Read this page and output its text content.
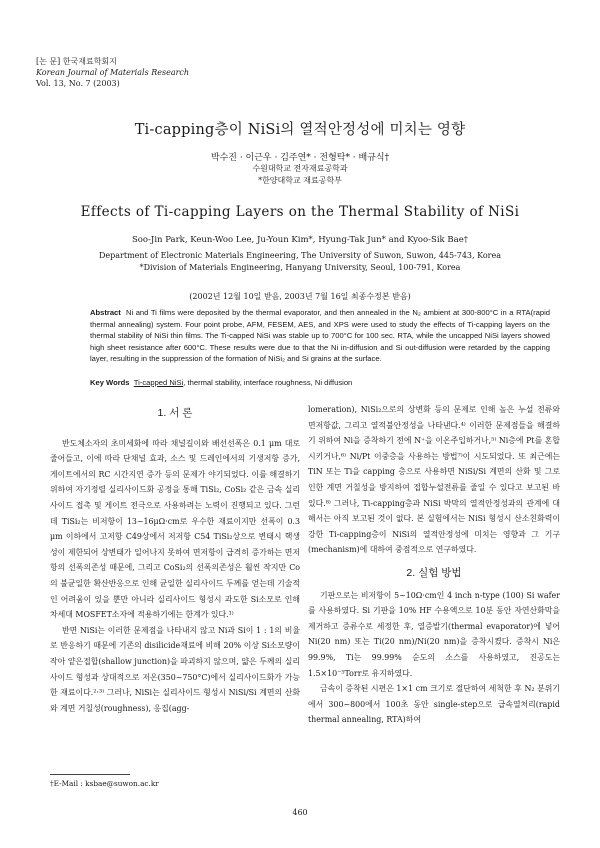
[논 문] 한국재료학회지
Korean Journal of Materials Research
Vol. 13, No. 7 (2003)
Ti-capping층이 NiSi의 열적안정성에 미치는 영향
박수진 · 이근우 · 김주연* · 전형탁* · 배규식†
수원대학교 전자재료공학과
*한양대학교 재료공학부
Effects of Ti-capping Layers on the Thermal Stability of NiSi
Soo-Jin Park, Keun-Woo Lee, Ju-Youn Kim*, Hyung-Tak Jun* and Kyoo-Sik Bae†
Department of Electronic Materials Engineering, The University of Suwon, Suwon, 445-743, Korea
*Division of Materials Engineering, Hanyang University, Seoul, 100-791, Korea
(2002년 12월 10일 받음, 2003년 7월 16일 최종수정본 받음)
Abstract Ni and Ti films were deposited by the thermal evaporator, and then annealed in the N₂ ambient at 300-800°C in a RTA(rapid thermal annealing) system. Four point probe, AFM, FESEM, AES, and XPS were used to study the effects of Ti-capping layers on the thermal stability of NiSi thin films. The Ti-capped NiSi was stable up to 700°C for 100 sec. RTA, while the uncapped NiSi layers showed high sheet resistance after 600°C. These results were due to that the Ni in-diffusion and Si out-diffusion were retarded by the capping layer, resulting in the suppression of the formation of NiSi₂ and Si grains at the surface.
Key Words Ti-capped NiSi, thermal stability, interface roughness, Ni diffusion
1. 서 론

반도체소자의 초미세화에 따라 채널길이와 배선선폭은 0.1 μm 대로 줄어들고, 이에 따라 단채널 효과, 소스 및 드레인에서의 기생저항 증가, 게이트에서의 RC 시간지연 증가 등의 문제가 야기되었다. 이를 해결하기 위하여 자기정렬 실리사이드화 공정을 통해 TiSi₂, CoSi₂ 같은 금속 실리사이드 접촉 및 게이트 전극으로 사용하려는 노력이 진행되고 있다. 그런데 TiSi₂는 비저항이 13~16μΩ·cm로 우수한 재료이지만 선폭이 0.3 μm 이하에서 고저항 C49상에서 저저항 C54 TiSi₂상으로 변태시 핵생성이 제한되어 상변태가 일어나지 못하여 면저항이 급격히 증가하는 면저항의 선폭의존성 때문에, 그리고 CoSi₂의 선폭의존성은 훨씬 작지만 Co의 불균일한 확산반응으로 인해 균일한 실리사이드 두께를 얻는데 기술적인 어려움이 있을 뿐만 아니라 실리사이드 형성시 과도한 Si소모로 인해 차세대 MOSFET소자에 적용하기에는 한계가 있다.¹⁾

반면 NiSi는 이러한 문제점을 나타내지 않고 Ni과 Si이 1 : 1의 비율로 반응하기 때문에 기존의 disilicide재료에 비해 20% 이상 Si소모량이 작아 얕은접합(shallow junction)을 파괴하지 않으며, 얇은 두께의 실리사이드 형성과 상대적으로 저온(350~750°C)에서 실리사이드화가 가능한 재료이다.²·³⁾ 그러나, NiSi는 실리사이드 형성시 NiSi/Si 계면의 산화와 계면 거칠성(roughness), 응집(agg-

lomeration), NiSi₂으로의 상변화 등의 문제로 인해 높은 누설 전류와 면저항값, 그리고 열적불안정성을 나타낸다.⁴⁾ 이러한 문제점들을 해결하기 위하여 Ni을 증착하기 전에 N⁺을 이온주입하거나,⁵⁾ Ni층에 Pt를 혼합시키거나,⁶⁾ Ni/Pt 이중층을 사용하는 방법⁷⁾이 시도되었다. 또 최근에는 TiN 또는 Ti을 capping 층으로 사용하면 NiSi/Si 계면의 산화 및 그로 인한 계면 거칠성을 방지하여 접합누설전류를 줄일 수 있다고 보고된 바 있다.⁸⁾ 그러나, Ti-capping층과 NiSi 박막의 열적안정성과의 관계에 대해서는 아직 보고된 것이 없다. 본 실험에서는 NiSi 형성시 산소친화력이 강한 Ti-capping층이 NiSi의 열적안정성에 미치는 영향과 그 기구(mechanism)에 대하여 중점적으로 연구하였다.

2. 실험 방법

기판으로는 비저항이 5~10Ω·cm인 4 inch n-type (100) Si wafer를 사용하였다. Si 기판을 10% HF 수용액으로 10분 동안 자연산화막을 제거하고 증류수로 세정한 후, 열증발기(thermal evaporator)에 넣어 Ni(20 nm) 또는 Ti(20 nm)/Ni(20 nm)을 증착시켰다. 증착시 Ni은 99.9%, Ti는 99.99% 순도의 소스를 사용하였고, 진공도는 1.5×10⁻⁵Torr로 유지하였다.

금속이 증착된 시편은 1×1 cm 크기로 절단하여 세척한 후 N₂ 분위기에서 300~800에서 100초 동안 single-step으로 급속열처리(rapid thermal annealing, RTA)하여

†E-Mail : ksbae@suwon.ac.kr
460
